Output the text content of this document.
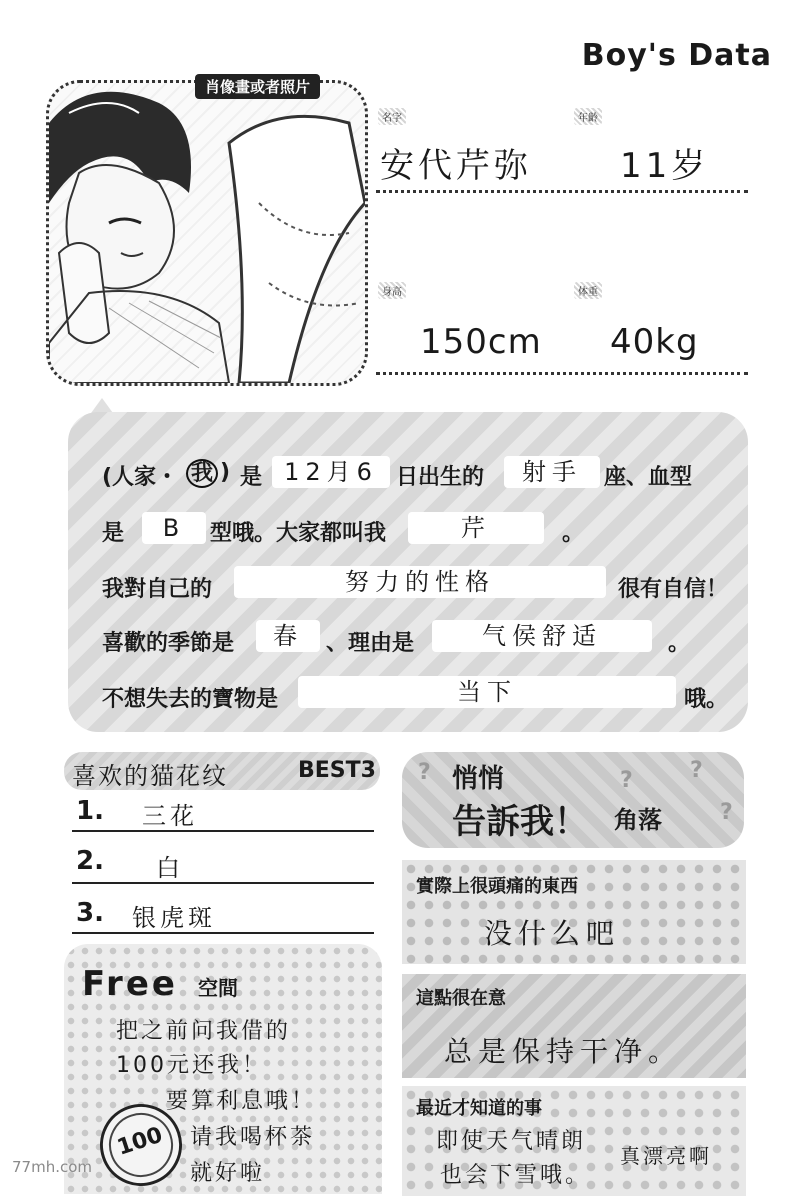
Boy's Data
肖像畫或者照片
名字	年齡
安代芹弥	11岁
身高	体重
150cm 40kg
(人家・ 我 ) 是 12月6 日出生的	射手	座、血型
是	B	型哦。大家都叫我	芹	。
我對自己的	努力的性格	很有自信！
喜歡的季節是	春	、理由是	气侯舒适	。
不想失去的寶物是	当下	哦。
喜欢的猫花纹	BEST3
1. 三花
2. 白
3. 银虎斑
Free 空間
把之前问我借的
100元还我！
要算利息哦！
请我喝杯茶
就好啦
100
?	?	?
?
悄悄
告訴我！ 角落
實際上很頭痛的東西
没什么吧
這點很在意
总是保持干净。
最近才知道的事
即使天气晴朗
也会下雪哦。
真漂亮啊
77mh.com
